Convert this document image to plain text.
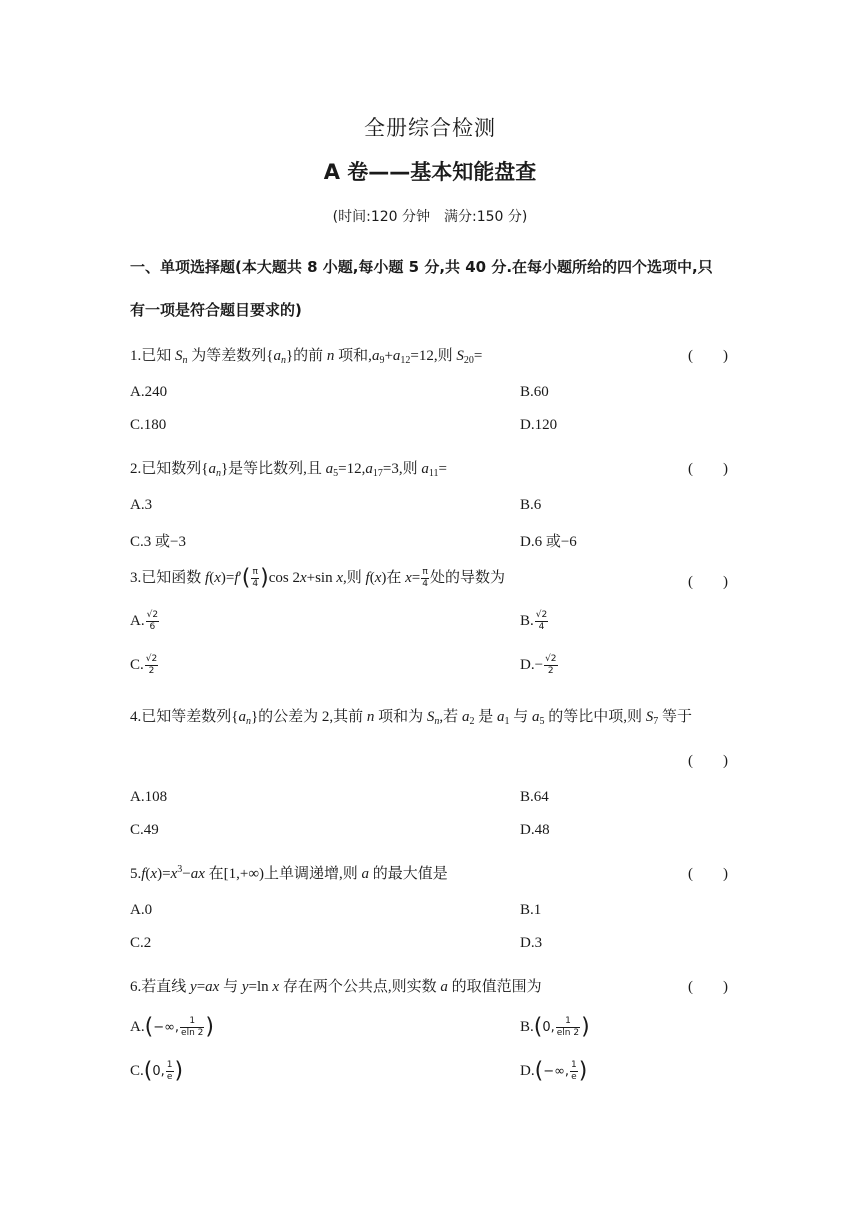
全册综合检测
A 卷——基本知能盘查
(时间:120 分钟　满分:150 分)
一、单项选择题(本大题共 8 小题,每小题 5 分,共 40 分.在每小题所给的四个选项中,只
有一项是符合题目要求的)
1.已知 $S_n$ 为等差数列$\{a_n\}$的前 n 项和$,a_9+a_{12}=12$,则 $S_{20}=$	(　　)
A.240	B.60
C.180	D.120
2.已知数列$\{a_n\}$是等比数列,且 $a_5=12,a_{17}=3$,则 $a_{11}=$	(　　)
A.3	B.6
C.3 或−3	D.6 或−6
3.已知函数 $f(x)=f'( \frac{\pi}{4} )\cos$ 2x+sin x,则 f(x)在 $x= \frac{\pi}{4}$ 处的导数为	(　　)
A. $\frac{√2}{6}$	B. $\frac{√2}{4}$
C. $\frac{√2}{2}$	$D.- \frac{√2}{2}$
4.已知等差数列$\{a_n\}$的公差为 2,其前 n 项和为 $S_n$,若 $a_2$ 是 $a_1$ 与 $a_5$ 的等比中项,则 $S_7$ 等于
(　　)
A.108	B.64
C.49	D.48
$5.f(x)=x^3-ax$ 在[1,+∞)上单调递增,则 a 的最大值是	(　　)
A.0	B.1
C.2	D.3
6.若直线 y=ax 与 y=ln x 存在两个公共点,则实数 a 的取值范围为	(　　)
A.(−∞, $\frac{1}{eln 2}$ )	B.(0, $\frac{1}{eln 2}$ )
C.(0, $\frac{1}{e}$ )	D.(−∞, $\frac{1}{e}$ )
